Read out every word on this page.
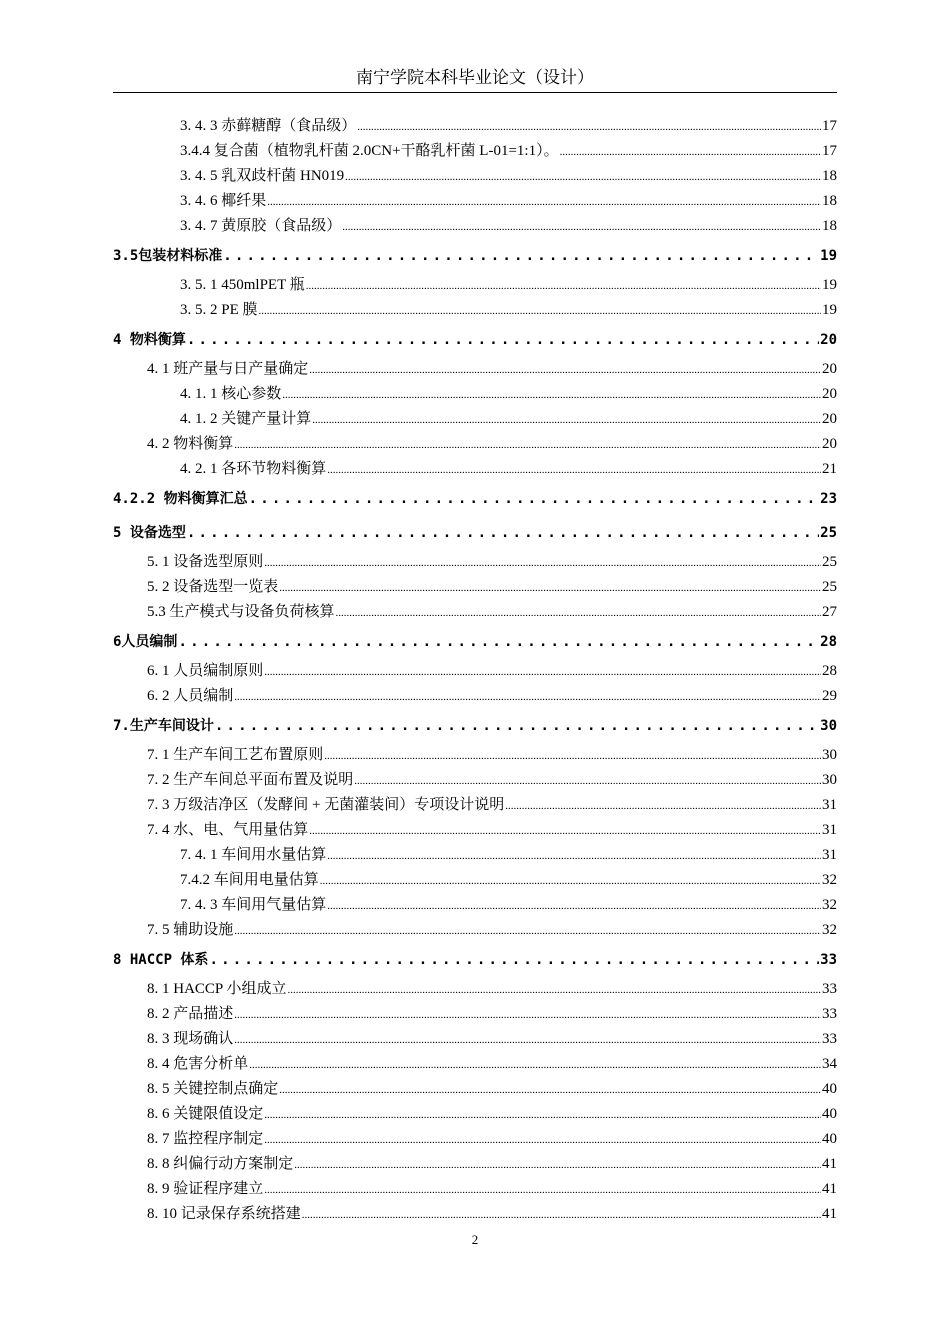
南宁学院本科毕业论文（设计）
3. 4. 3 赤藓糖醇（食品级） .....	17
3.4.4 复合菌（植物乳杆菌 2.0CN+干酪乳杆菌 L-01=1:1）。 .....	17
3. 4. 5 乳双歧杆菌 HN019 .....	18
3. 4. 6 椰纤果 .....	18
3. 4. 7 黄原胶（食品级） .....	18
3.5包装材料标准 .....	19
3. 5. 1 450mlPET 瓶 .....	19
3. 5. 2 PE 膜 .....	19
4 物料衡算 .....	20
4. 1 班产量与日产量确定 .....	20
4. 1. 1 核心参数 .....	20
4. 1. 2 关键产量计算 .....	20
4. 2 物料衡算 .....	20
4. 2. 1 各环节物料衡算 .....	21
4.2.2 物料衡算汇总 .....	23
5 设备选型 .....	25
5. 1 设备选型原则 .....	25
5. 2 设备选型一览表 .....	25
5.3 生产模式与设备负荷核算 .....	27
6人员编制 .....	28
6. 1 人员编制原则 .....	28
6. 2 人员编制 .....	29
7.生产车间设计 .....	30
7. 1 生产车间工艺布置原则 .....	30
7. 2 生产车间总平面布置及说明 .....	30
7. 3 万级洁净区（发酵间 + 无菌灌装间）专项设计说明 .....	31
7. 4 水、电、气用量估算 .....	31
7. 4. 1 车间用水量估算 .....	31
7.4.2 车间用电量估算 .....	32
7. 4. 3 车间用气量估算 .....	32
7. 5 辅助设施 .....	32
8 HACCP 体系 .....	33
8. 1 HACCP 小组成立 .....	33
8. 2 产品描述 .....	33
8. 3 现场确认 .....	33
8. 4 危害分析单 .....	34
8. 5 关键控制点确定 .....	40
8. 6 关键限值设定 .....	40
8. 7 监控程序制定 .....	40
8. 8 纠偏行动方案制定 .....	41
8. 9 验证程序建立 .....	41
8. 10 记录保存系统搭建 .....	41
2
